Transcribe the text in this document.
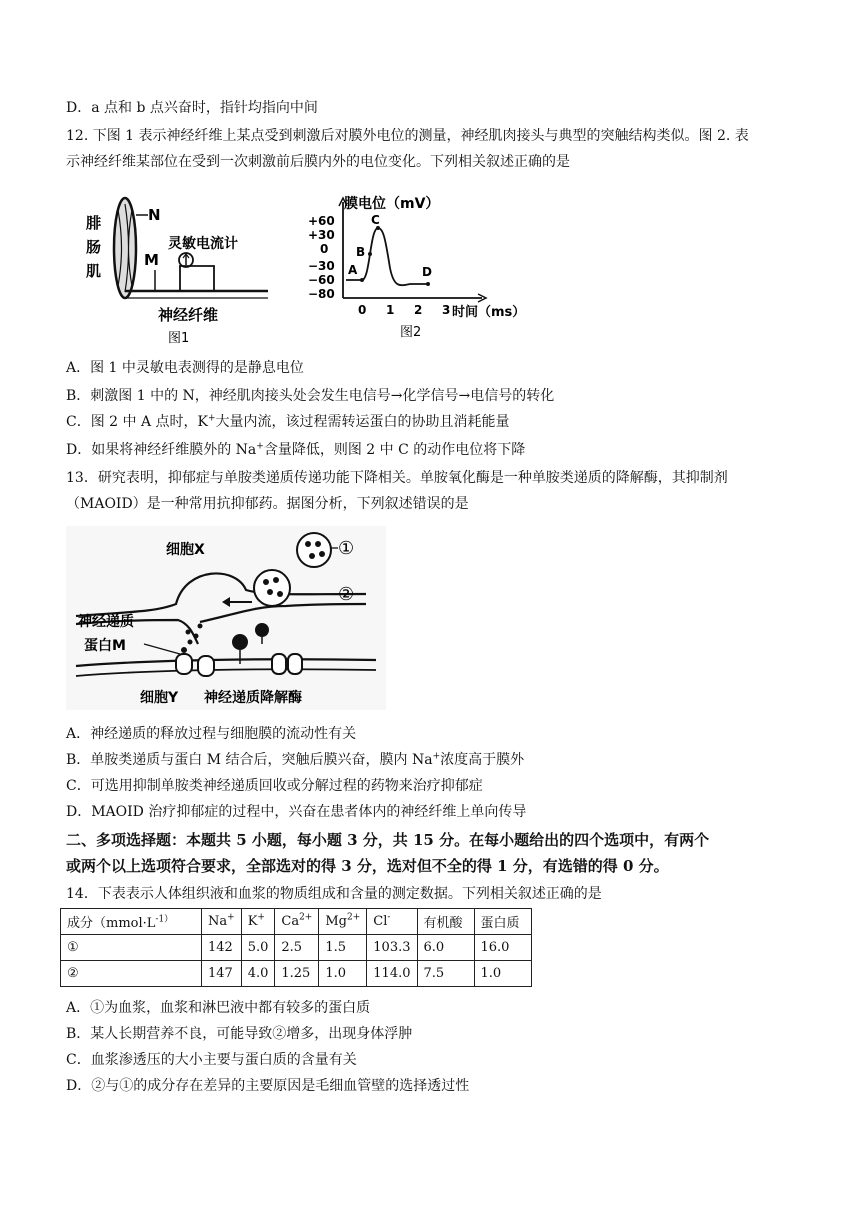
D．a 点和 b 点兴奋时，指针均指向中间
12. 下图 1 表示神经纤维上某点受到刺激后对膜外电位的测量，神经肌肉接头与典型的突触结构类似。图 2. 表
示神经纤维某部位在受到一次刺激前后膜内外的电位变化。下列相关叙述正确的是
腓
肠
肌
N
M
灵敏电流计
神经纤维
图1
膜电位（mV）
+60
+30
0
−30
−60
−80
A
B
C
D
0 1 2 3 时间（ms）
图2
A．图 1 中灵敏电表测得的是静息电位
B．刺激图 1 中的 N，神经肌肉接头处会发生电信号→化学信号→电信号的转化
C．图 2 中 A 点时，K+大量内流，该过程需转运蛋白的协助且消耗能量
D．如果将神经纤维膜外的 Na+含量降低，则图 2 中 C 的动作电位将下降
13．研究表明，抑郁症与单胺类递质传递功能下降相关。单胺氧化酶是一种单胺类递质的降解酶，其抑制剂
（MAOID）是一种常用抗抑郁药。据图分析，下列叙述错误的是
①
②
细胞X
神经递质
蛋白M
细胞Y 神经递质降解酶
A．神经递质的释放过程与细胞膜的流动性有关
B．单胺类递质与蛋白 M 结合后，突触后膜兴奋，膜内 Na+浓度高于膜外
C．可选用抑制单胺类神经递质回收或分解过程的药物来治疗抑郁症
D．MAOID 治疗抑郁症的过程中，兴奋在患者体内的神经纤维上单向传导
二、多项选择题：本题共 5 小题，每小题 3 分，共 15 分。在每小题给出的四个选项中，有两个
或两个以上选项符合要求，全部选对的得 3 分，选对但不全的得 1 分，有选错的得 0 分。
14．下表表示人体组织液和血浆的物质组成和含量的测定数据。下列相关叙述正确的是
成分（$mmol\cdot L^{-1)}$	Na+	K+	$Ca^{2+}$	$Mg^{2+}$	Cl-	有机酸	蛋白质
①	142	5.0	2.5	1.5	103.3	6.0	16.0
②	147	4.0	1.25	1.0	114.0	7.5	1.0
A．①为血浆，血浆和淋巴液中都有较多的蛋白质
B．某人长期营养不良，可能导致②增多，出现身体浮肿
C．血浆渗透压的大小主要与蛋白质的含量有关
D．②与①的成分存在差异的主要原因是毛细血管壁的选择透过性
